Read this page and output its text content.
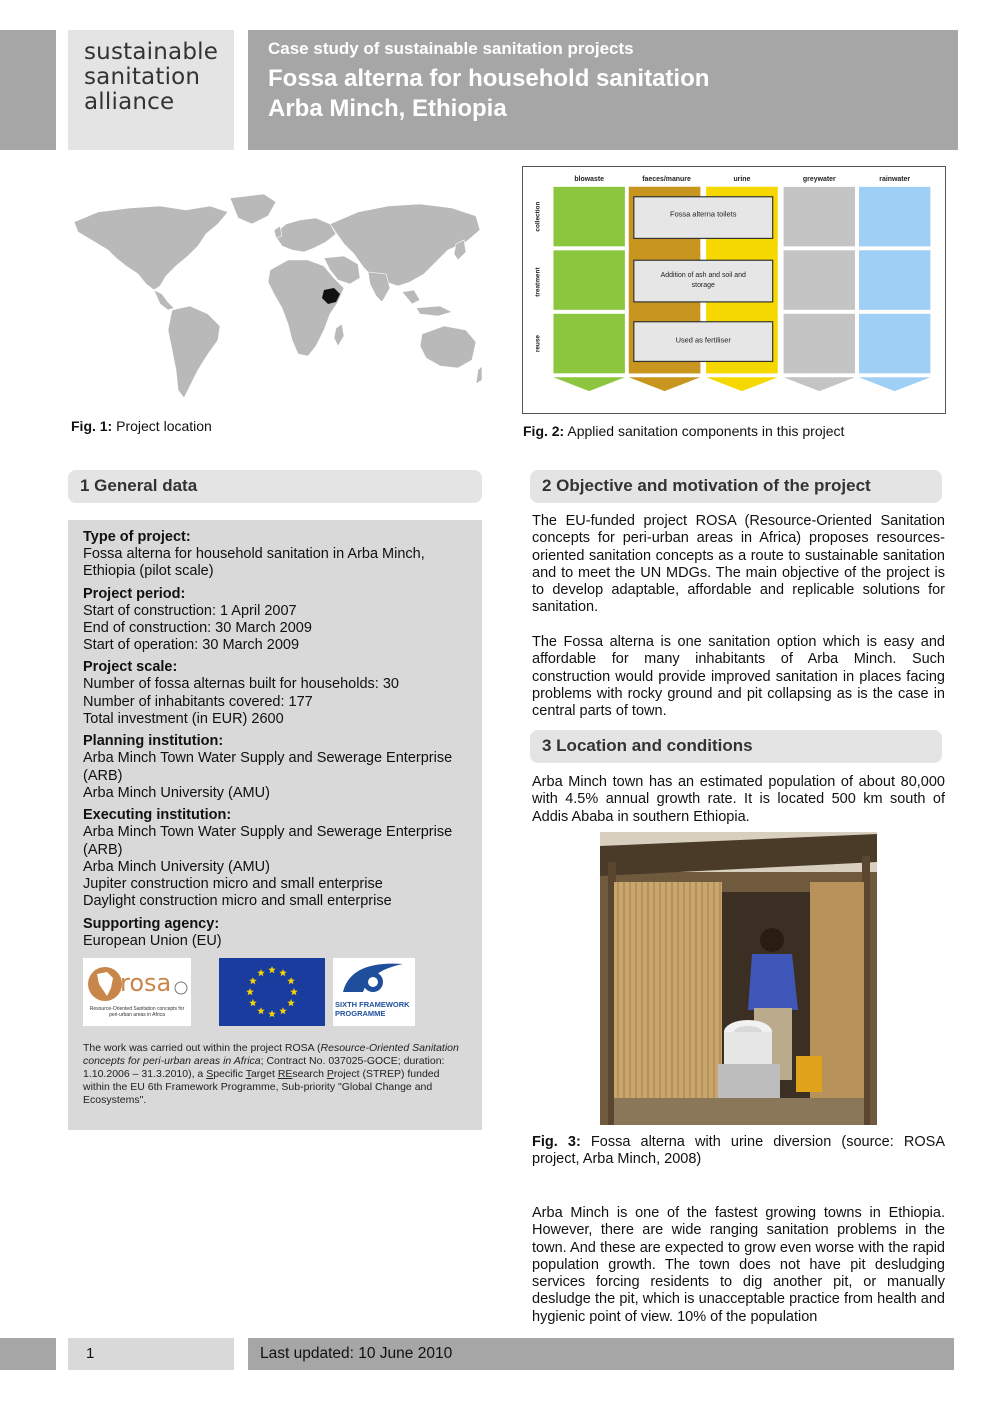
sustainable
sanitation
alliance
Case study of sustainable sanitation projects
Fossa alterna for household sanitation
Arba Minch, Ethiopia
Fig. 1: Project location
blowaste	faeces/manure	urine	greywater	rainwater
collection
treatment
reuse
Fossa alterna toilets
Addition of ash and soil and
storage
Used as fertiliser
Fig. 2: Applied sanitation components in this project
1 General data
Type of project:
Fossa alterna for household sanitation in Arba Minch, Ethiopia (pilot scale)
Project period:
Start of construction: 1 April 2007
End of construction: 30 March 2009
Start of operation: 30 March 2009
Project scale:
Number of fossa alternas built for households: 30
Number of inhabitants covered: 177
Total investment (in EUR) 2600
Planning institution:
Arba Minch Town Water Supply and Sewerage Enterprise (ARB)
Arba Minch University (AMU)
Executing institution:
Arba Minch Town Water Supply and Sewerage Enterprise (ARB)
Arba Minch University (AMU)
Jupiter construction micro and small enterprise
Daylight construction micro and small enterprise
Supporting agency:
European Union (EU)
rosa
Resource-Oriented Sanitation concepts for peri-urban areas in Africa
SIXTH FRAMEWORK PROGRAMME
The work was carried out within the project ROSA (Resource-Oriented Sanitation concepts for peri-urban areas in Africa; Contract No. 037025-GOCE; duration: 1.10.2006 – 31.3.2010), a Specific Target REsearch Project (STREP) funded within the EU 6th Framework Programme, Sub-priority "Global Change and Ecosystems".
2 Objective and motivation of the project
The EU-funded project ROSA (Resource-Oriented Sanitation concepts for peri-urban areas in Africa) proposes resources-oriented sanitation concepts as a route to sustainable sanitation and to meet the UN MDGs. The main objective of the project is to develop adaptable, affordable and replicable solutions for sanitation.
The Fossa alterna is one sanitation option which is easy and affordable for many inhabitants of Arba Minch. Such construction would provide improved sanitation in places facing problems with rocky ground and pit collapsing as is the case in central parts of town.
3 Location and conditions
Arba Minch town has an estimated population of about 80,000 with 4.5% annual growth rate. It is located 500 km south of Addis Ababa in southern Ethiopia.
Fig. 3: Fossa alterna with urine diversion (source: ROSA project, Arba Minch, 2008)
Arba Minch is one of the fastest growing towns in Ethiopia. However, there are wide ranging sanitation problems in the town. And these are expected to grow even worse with the rapid population growth. The town does not have pit desludging services forcing residents to dig another pit, or manually desludge the pit, which is unacceptable practice from health and hygienic point of view. 10% of the population
1	Last updated: 10 June 2010
